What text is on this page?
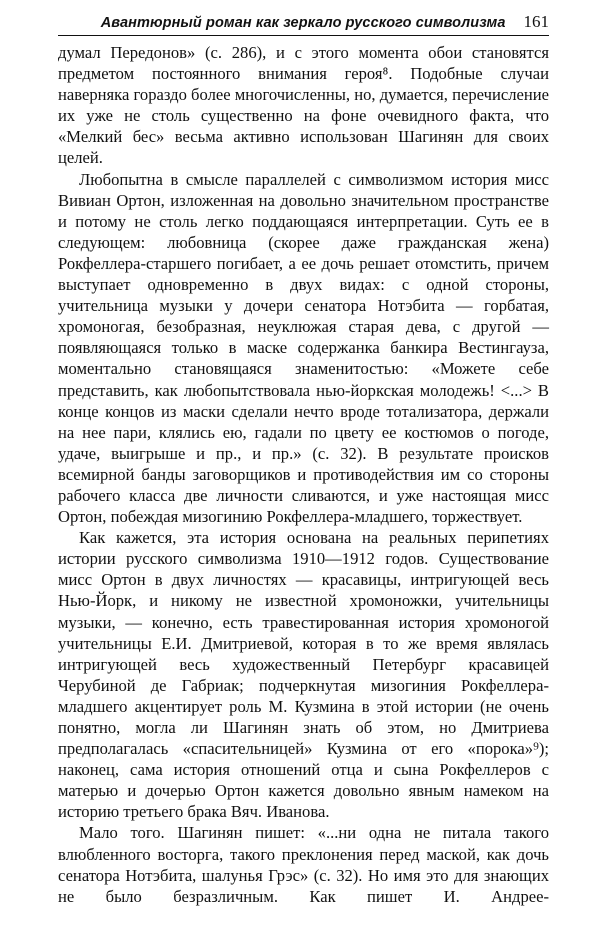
Авантюрный роман как зеркало русского символизма 161

думал Передонов» (с. 286), и с этого момента обои становятся предметом постоянного внимания героя⁸. Подобные случаи наверняка гораздо более многочисленны, но, думается, перечисление их уже не столь существенно на фоне очевидного факта, что «Мелкий бес» весьма активно использован Шагинян для своих целей.

Любопытна в смысле параллелей с символизмом история мисс Вивиан Ортон, изложенная на довольно значительном пространстве и потому не столь легко поддающаяся интерпретации. Суть ее в следующем: любовница (скорее даже гражданская жена) Рокфеллера-старшего погибает, а ее дочь решает отомстить, причем выступает одновременно в двух видах: с одной стороны, учительница музыки у дочери сенатора Нотэбита — горбатая, хромоногая, безобразная, неуклюжая старая дева, с другой — появляющаяся только в маске содержанка банкира Вестингауза, моментально становящаяся знаменитостью: «Можете себе представить, как любопытствовала нью-йоркская молодежь! <...> В конце концов из маски сделали нечто вроде тотализатора, держали на нее пари, клялись ею, гадали по цвету ее костюмов о погоде, удаче, выигрыше и пр., и пр.» (с. 32). В результате происков всемирной банды заговорщиков и противодействия им со стороны рабочего класса две личности сливаются, и уже настоящая мисс Ортон, побеждая мизогинию Рокфеллера-младшего, торжествует.

Как кажется, эта история основана на реальных перипетиях истории русского символизма 1910—1912 годов. Существование мисс Ортон в двух личностях — красавицы, интригующей весь Нью-Йорк, и никому не известной хромоножки, учительницы музыки, — конечно, есть травестированная история хромоногой учительницы Е.И. Дмитриевой, которая в то же время являлась интригующей весь художественный Петербург красавицей Черубиной де Габриак; подчеркнутая мизогиния Рокфеллера-младшего акцентирует роль М. Кузмина в этой истории (не очень понятно, могла ли Шагинян знать об этом, но Дмитриева предполагалась «спасительницей» Кузмина от его «порока»⁹); наконец, сама история отношений отца и сына Рокфеллеров с матерью и дочерью Ортон кажется довольно явным намеком на историю третьего брака Вяч. Иванова.

Мало того. Шагинян пишет: «...ни одна не питала такого влюбленного восторга, такого преклонения перед маской, как дочь сенатора Нотэбита, шалунья Грэс» (с. 32). Но имя это для знающих не было безразличным. Как пишет И. Андрее-
